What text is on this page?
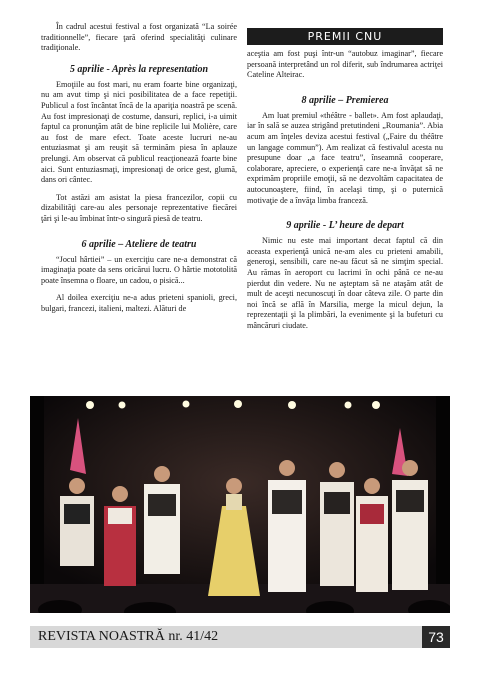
În cadrul acestui festival a fost organizată “La soirée traditionnelle”, fiecare ţară oferind specialităţi culinare tradiţionale.

5 aprilie - Après la representation

Emoţiile au fost mari, nu eram foarte bine organizaţi, nu am avut timp şi nici posibilitatea de a face repetiţii. Publicul a fost încântat încă de la apariţia noastră pe scenă. Au fost impresionaţi de costume, dansuri, replici, i-a uimit faptul ca pronunţăm atât de bine replicile lui Molière, care au fost de mare efect. Toate aceste lucruri ne-au entuziasmat şi am reuşit să terminăm piesa în aplauze prelungi. Am observat că publicul reacţionează foarte bine aici. Sunt entuziasmaţi, impresionaţi de orice gest, glumă, dans ori cântec.

Tot astăzi am asistat la piesa francezilor, copii cu dizabilităţi care-au ales personaje reprezentative fiecărei ţări şi le-au îmbinat într-o singură piesă de teatru.

6 aprilie – Ateliere de teatru

“Jocul hârtiei” – un exerciţiu care ne-a demonstrat că imaginaţia poate da sens oricărui lucru. O hârtie mototolită poate însemna o floare, un cadou, o pisică...

Al doilea exerciţiu ne-a adus prieteni spanioli, greci, bulgari, francezi, italieni, maltezi. Alături de

PREMII CNU

aceştia am fost puşi într-un “autobuz imaginar”, fiecare persoană interpretând un rol diferit, sub îndrumarea actriţei Cateline Alteirac.

8 aprilie – Premierea

Am luat premiul «théâtre - ballet». Am fost aplaudaţi, iar în sală se auzea strigând pretutindeni „Roumania”. Abia acum am înţeles deviza acestui festival („Faire du théâtre un langage commun”). Am realizat că festivalul acesta nu presupune doar „a face teatru”, înseamnă cooperare, colaborare, apreciere, o experienţă care ne-a învăţat să ne exprimăm propriile emoţii, să ne dezvoltăm capacitatea de autocunoaştere, fiind, în acelaşi timp, şi o puternică motivaţie de a învăţa limba franceză.

9 aprilie - L’ heure de depart

Nimic nu este mai important decat faptul că din aceasta experienţă unică ne-am ales cu prieteni amabili, generoşi, sensibili, care ne-au făcut să ne simţim special. Au rămas în aeroport cu lacrimi în ochi până ce ne-au pierdut din vedere. Nu ne aşteptam să ne ataşăm atât de mult de aceşti necunoscuţi în doar câteva zile. O parte din noi încă se află în Marsilia, merge la micul dejun, la reprezentaţii şi la plimbări, la evenimente şi la bufeturi cu mâncăruri ciudate.

REVISTA NOASTRĂ nr. 41/42	73
